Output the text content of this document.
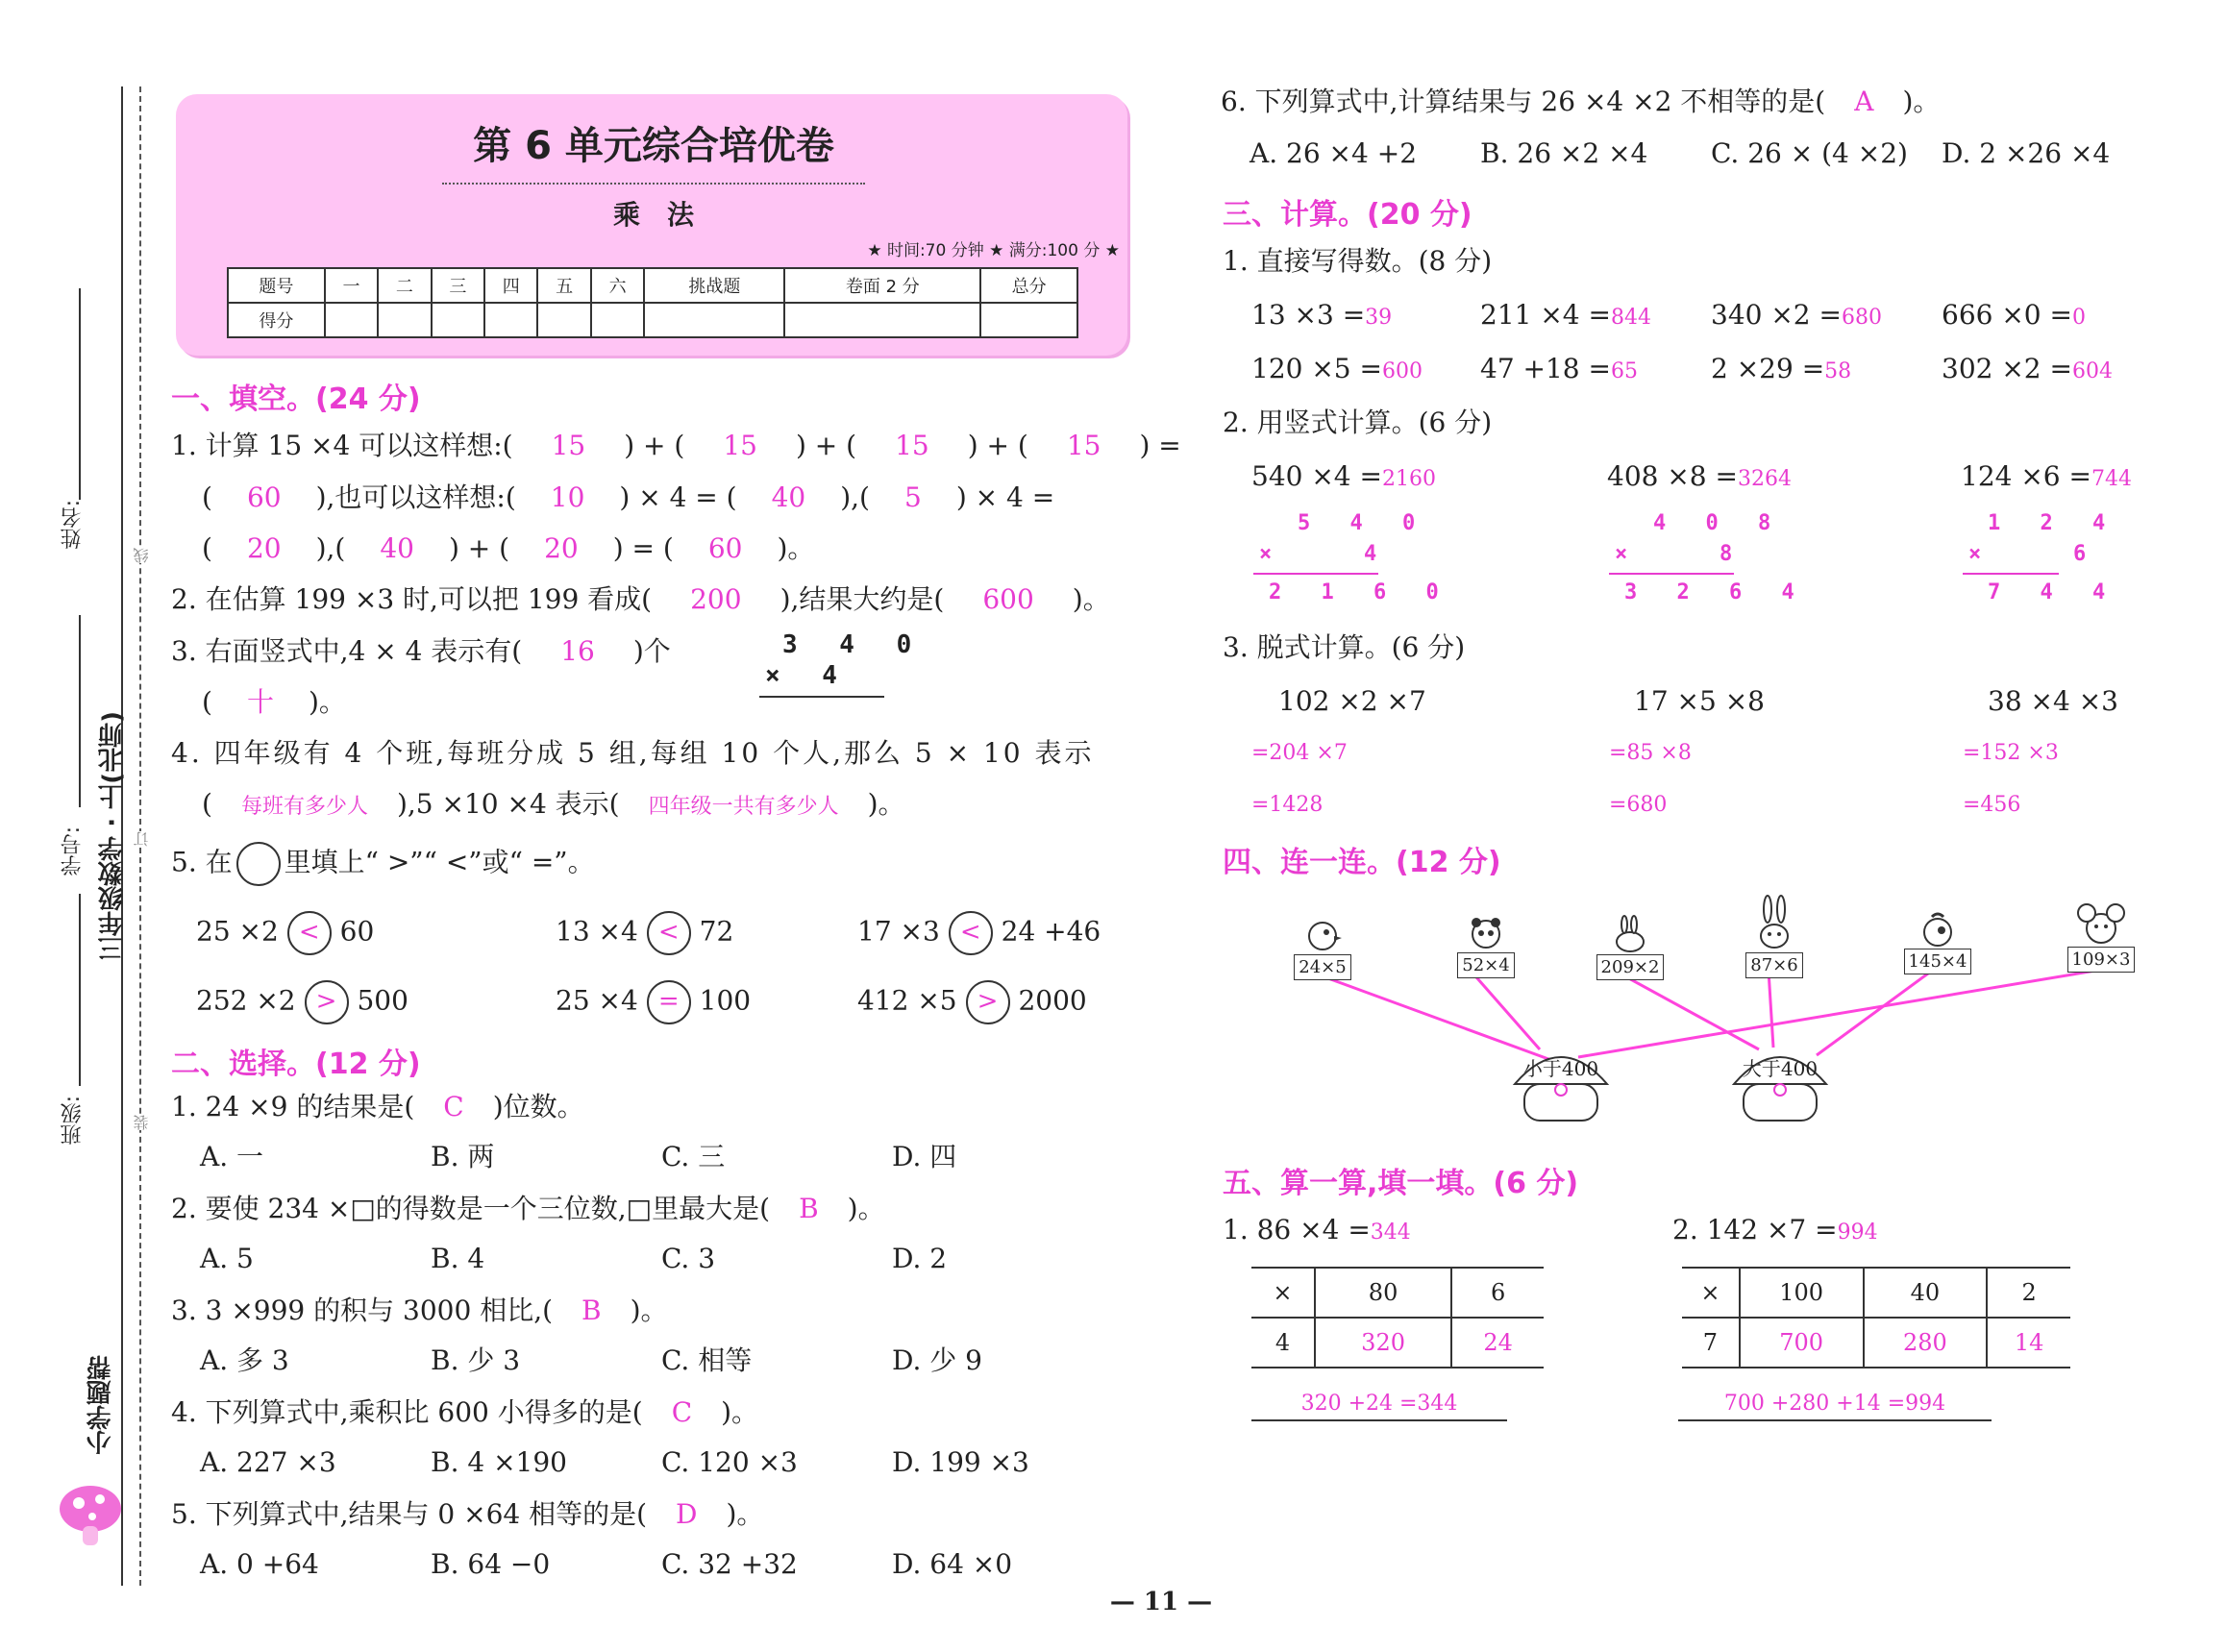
姓名:
学号: 三年级数学 · 上(北师)
班级:
线
订
装
小学题帮
第 6 单元综合培优卷
乘　法
★ 时间:70 分钟 ★ 满分:100 分 ★
题号	一	二	三	四	五	六	挑战题	卷面 2 分	总分
得分									
一、填空。(24 分)
1. 计算 15 ×4 可以这样想:( 15 ) + ( 15 ) + ( 15 ) + ( 15 ) =
( 60 ),也可以这样想:( 10 ) × 4 = ( 40 ),( 5 ) × 4 =
( 20 ),( 40 ) + ( 20 ) = ( 60 )。
2. 在估算 199 ×3 时,可以把 199 看成( 200 ),结果大约是( 600 )。
3. 右面竖式中,4 × 4 表示有( 16 )个
( 十 )。
3 4 0
× 4
4. 四年级有 4 个班,每班分成 5 组,每组 10 个人,那么 5 × 10 表示
( 每班有多少人 ),5 ×10 ×4 表示( 四年级一共有多少人 )。
5. 在 里填上“ >”“ <”或“ =”。
25 ×2 < 60	13 ×4 < 72	17 ×3 < 24 +46
252 ×2 > 500	25 ×4 = 100	412 ×5 > 2000
二、选择。(12 分)
1. 24 ×9 的结果是( C )位数。
A. 一	B. 两	C. 三	D. 四
2. 要使 234 ×□的得数是一个三位数,□里最大是( B )。
A. 5	B. 4	C. 3	D. 2
3. 3 ×999 的积与 3000 相比,( B )。
A. 多 3	B. 少 3	C. 相等	D. 少 9
4. 下列算式中,乘积比 600 小得多的是( C )。
A. 227 ×3	B. 4 ×190	C. 120 ×3	D. 199 ×3
5. 下列算式中,结果与 0 ×64 相等的是( D )。
A. 0 +64	B. 64 −0	C. 32 +32	D. 64 ×0
6. 下列算式中,计算结果与 26 ×4 ×2 不相等的是( A )。
A. 26 ×4 +2 B. 26 ×2 ×4 C. 26 × (4 ×2) D. 2 ×26 ×4
三、计算。(20 分)
1. 直接写得数。(8 分)
13 ×3 =39	211 ×4 =844 340 ×2 =680 666 ×0 =0
120 ×5 =600 47 +18 =65	2 ×29 =58	302 ×2 =604
2. 用竖式计算。(6 分)
540 ×4 =2160
5 4 0
×   4
2 1 6 0
408 ×8 =3264
4 0 8
×   8
3 2 6 4
124 ×6 =744
1 2 4
×   6
7 4 4
3. 脱式计算。(6 分)
102 ×2 ×7
=204 ×7
=1428
17 ×5 ×8
=85 ×8
=680
38 ×4 ×3
=152 ×3
=456
四、连一连。(12 分)

24×5	52×4	209×2	87×6	145×4	109×3
小于400	大于400
五、算一算,填一填。(6 分)
1. 86 ×4 =344
×	80	6
4	320	24
320 +24 =344
2. 142 ×7 =994
×	100	40	2
7	700	280	14
700 +280 +14 =994
— 11 —
